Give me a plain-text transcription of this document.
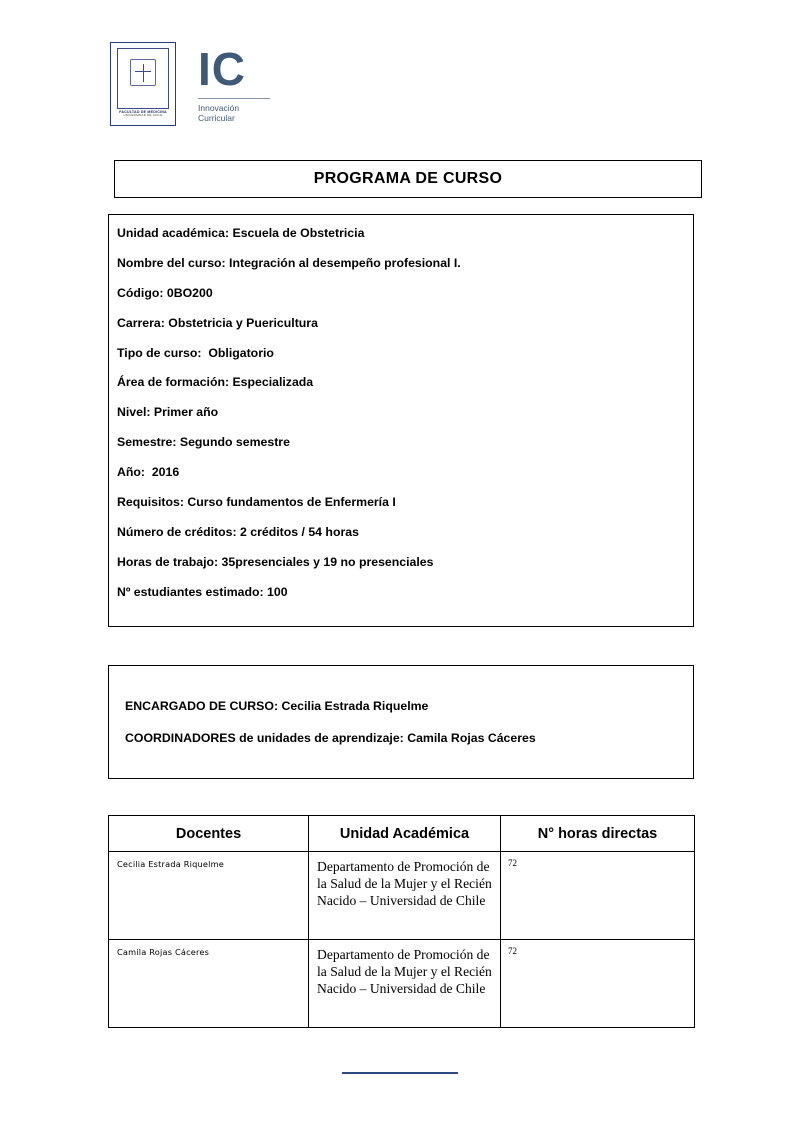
FACULTAD DE MEDICINA
UNIVERSIDAD DE CHILE
IC
Innovación
Curricular
PROGRAMA DE CURSO
Unidad académica: Escuela de Obstetricia
Nombre del curso: Integración al desempeño profesional I.
Código: 0BO200
Carrera: Obstetricia y Puericultura
Tipo de curso:  Obligatorio
Área de formación: Especializada
Nivel: Primer año
Semestre: Segundo semestre
Año:  2016
Requisitos: Curso fundamentos de Enfermería I
Número de créditos: 2 créditos / 54 horas
Horas de trabajo: 35presenciales y 19 no presenciales
Nº estudiantes estimado: 100
ENCARGADO DE CURSO: Cecilia Estrada Riquelme
COORDINADORES de unidades de aprendizaje: Camila Rojas Cáceres
Docentes	Unidad Académica	N° horas directas
Cecilia Estrada Riquelme	Departamento de Promoción de la Salud de la Mujer y el Recién Nacido – Universidad de Chile	72
Camila Rojas Cáceres	Departamento de Promoción de la Salud de la Mujer y el Recién Nacido – Universidad de Chile	72
